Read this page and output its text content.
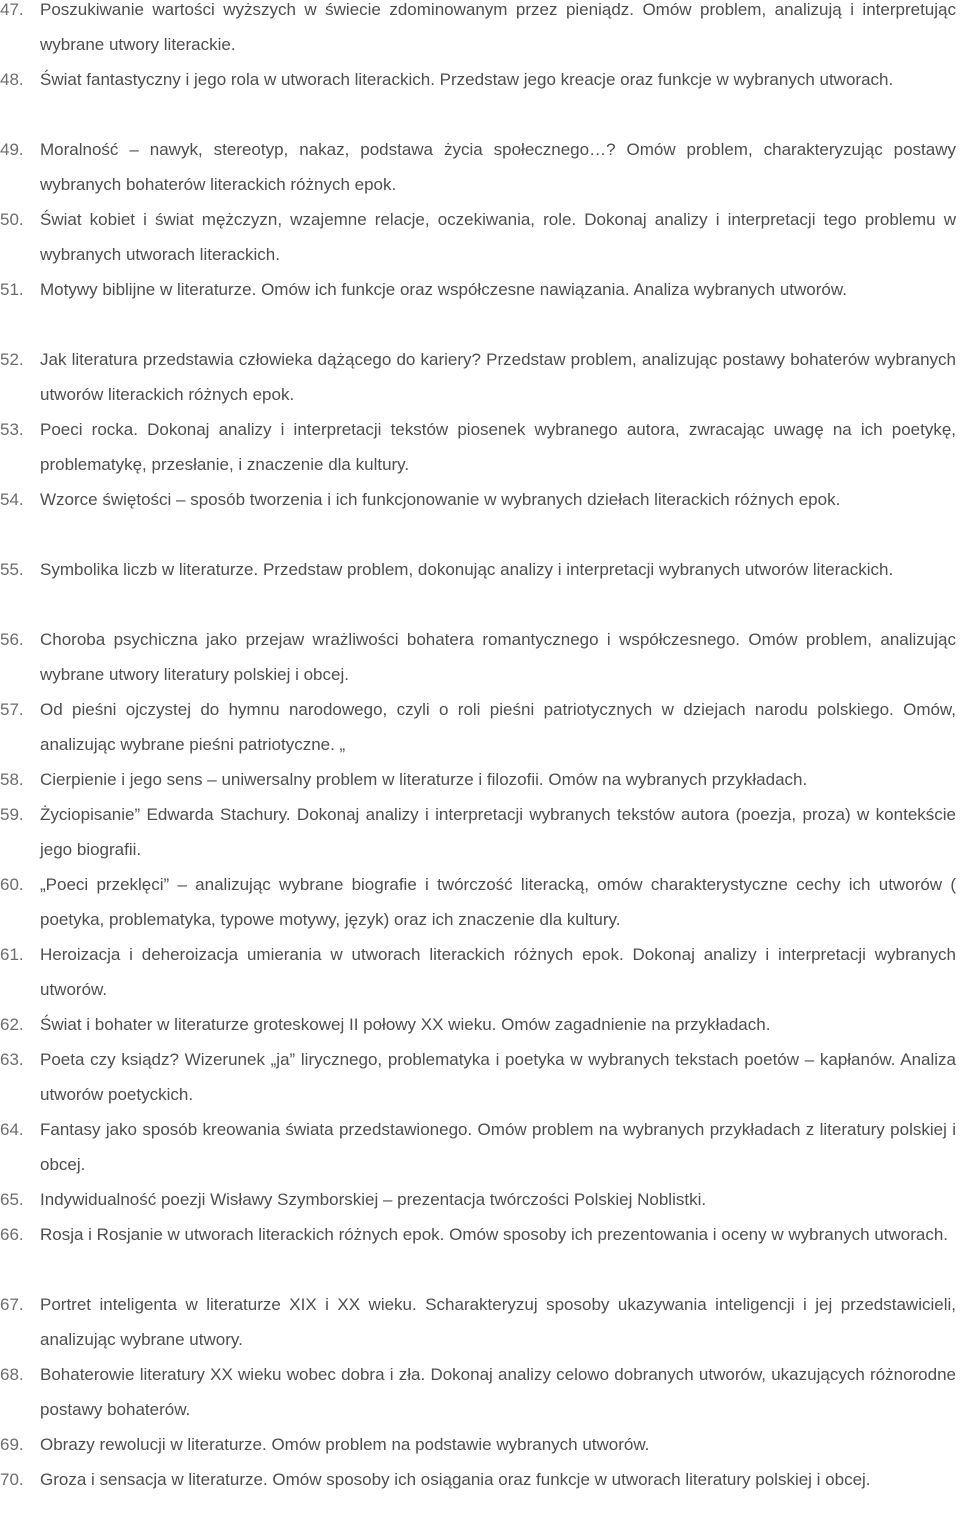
47. Poszukiwanie wartości wyższych w świecie zdominowanym przez pieniądz. Omów problem, analizują i interpretując wybrane utwory literackie.
48. Świat fantastyczny i jego rola w utworach literackich. Przedstaw jego kreacje oraz funkcje w wybranych utworach.
49. Moralność – nawyk, stereotyp, nakaz, podstawa życia społecznego…? Omów problem, charakteryzując postawy wybranych bohaterów literackich różnych epok.
50. Świat kobiet i świat mężczyzn, wzajemne relacje, oczekiwania, role. Dokonaj analizy i interpretacji tego problemu w wybranych utworach literackich.
51. Motywy biblijne w literaturze. Omów ich funkcje oraz współczesne nawiązania. Analiza wybranych utworów.
52. Jak literatura przedstawia człowieka dążącego do kariery? Przedstaw problem, analizując postawy bohaterów wybranych utworów literackich różnych epok.
53. Poeci rocka. Dokonaj analizy i interpretacji tekstów piosenek wybranego autora, zwracając uwagę na ich poetykę, problematykę, przesłanie, i znaczenie dla kultury.
54. Wzorce świętości – sposób tworzenia i ich funkcjonowanie w wybranych dziełach literackich różnych epok.
55. Symbolika liczb w literaturze. Przedstaw problem, dokonując analizy i interpretacji wybranych utworów literackich.
56. Choroba psychiczna jako przejaw wrażliwości bohatera romantycznego i współczesnego. Omów problem, analizując wybrane utwory literatury polskiej i obcej.
57. Od pieśni ojczystej do hymnu narodowego, czyli o roli pieśni patriotycznych w dziejach narodu polskiego. Omów, analizując wybrane pieśni patriotyczne. „
58. Cierpienie i jego sens – uniwersalny problem w literaturze i filozofii. Omów na wybranych przykładach.
59. Życiopisanie” Edwarda Stachury. Dokonaj analizy i interpretacji wybranych tekstów autora (poezja, proza) w kontekście jego biografii.
60. „Poeci przeklęci” – analizując wybrane biografie i twórczość literacką, omów charakterystyczne cechy ich utworów ( poetyka, problematyka, typowe motywy, język) oraz ich znaczenie dla kultury.
61. Heroizacja i deheroizacja umierania w utworach literackich różnych epok. Dokonaj analizy i interpretacji wybranych utworów.
62. Świat i bohater w literaturze groteskowej II połowy XX wieku. Omów zagadnienie na przykładach.
63. Poeta czy ksiądz? Wizerunek „ja” lirycznego, problematyka i poetyka w wybranych tekstach poetów – kapłanów. Analiza utworów poetyckich.
64. Fantasy jako sposób kreowania świata przedstawionego. Omów problem na wybranych przykładach z literatury polskiej i obcej.
65. Indywidualność poezji Wisławy Szymborskiej – prezentacja twórczości Polskiej Noblistki.
66. Rosja i Rosjanie w utworach literackich różnych epok. Omów sposoby ich prezentowania i oceny w wybranych utworach.
67. Portret inteligenta w literaturze XIX i XX wieku. Scharakteryzuj sposoby ukazywania inteligencji i jej przedstawicieli, analizując wybrane utwory.
68. Bohaterowie literatury XX wieku wobec dobra i zła. Dokonaj analizy celowo dobranych utworów, ukazujących różnorodne postawy bohaterów.
69. Obrazy rewolucji w literaturze. Omów problem na podstawie wybranych utworów.
70. Groza i sensacja w literaturze. Omów sposoby ich osiągania oraz funkcje w utworach literatury polskiej i obcej.
